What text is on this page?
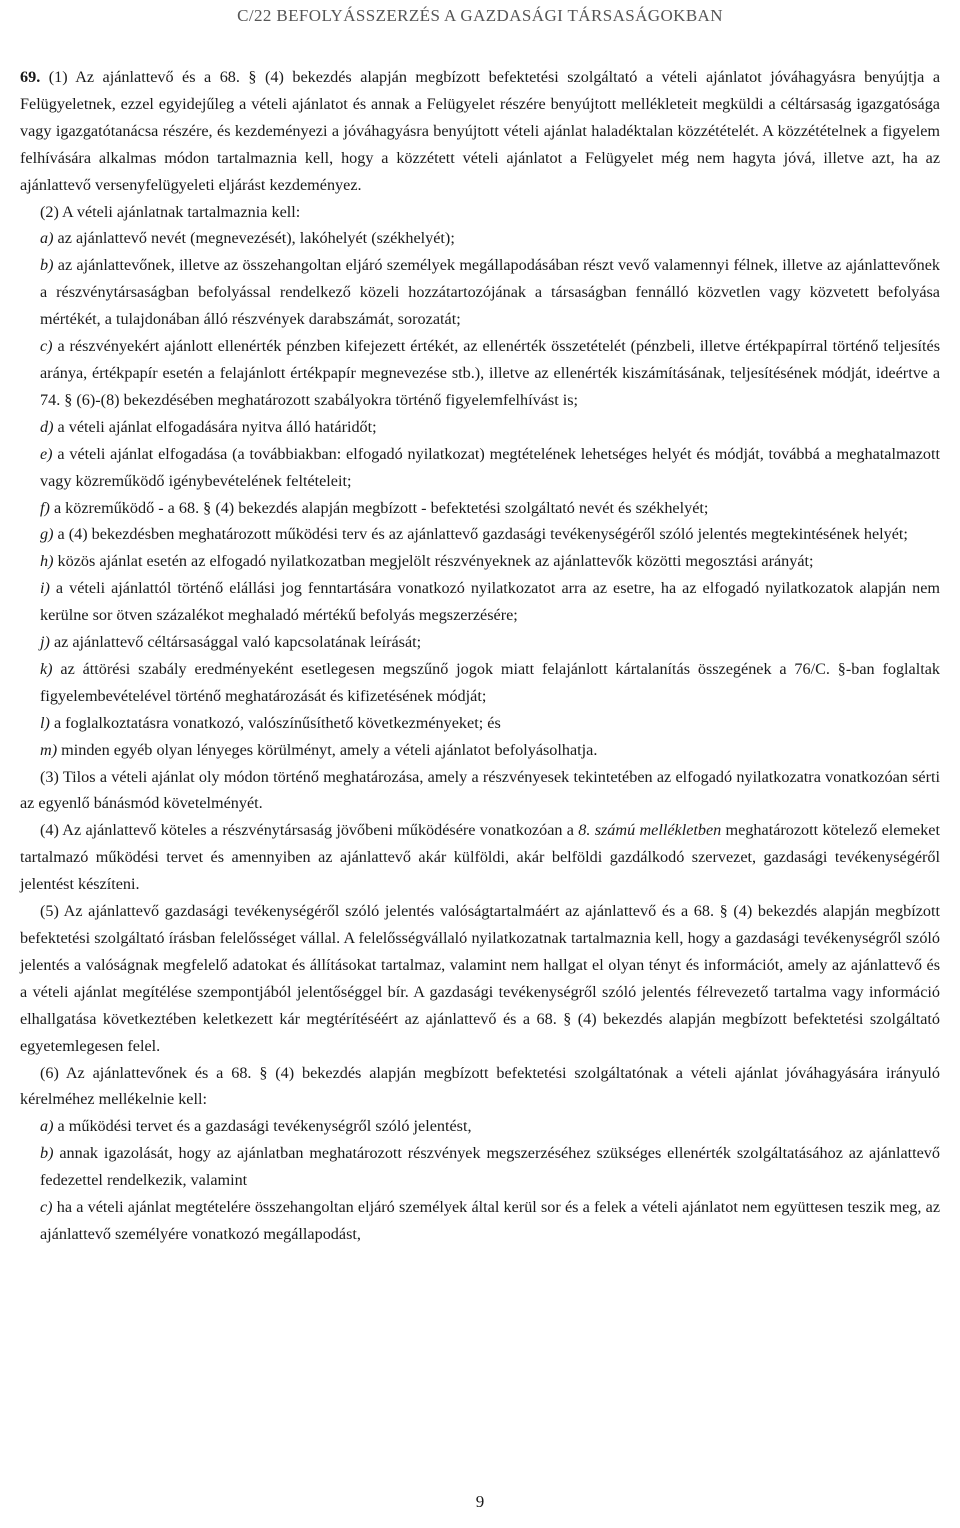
C/22 BEFOLYÁSSZERZÉS A GAZDASÁGI TÁRSASÁGOKBAN

69. (1) Az ajánlattevő és a 68. § (4) bekezdés alapján megbízott befektetési szolgáltató a vételi ajánlatot jóváhagyásra benyújtja a Felügyeletnek, ezzel egyidejűleg a vételi ajánlatot és annak a Felügyelet részére benyújtott mellékleteit megküldi a céltársaság igazgatósága vagy igazgatótanácsa részére, és kezdeményezi a jóváhagyásra benyújtott vételi ajánlat haladéktalan közzétételét. A közzétételnek a figyelem felhívására alkalmas módon tartalmaznia kell, hogy a közzétett vételi ajánlatot a Felügyelet még nem hagyta jóvá, illetve azt, ha az ajánlattevő versenyfelügyeleti eljárást kezdeményez.

(2) A vételi ajánlatnak tartalmaznia kell:

a) az ajánlattevő nevét (megnevezését), lakóhelyét (székhelyét);

b) az ajánlattevőnek, illetve az összehangoltan eljáró személyek megállapodásában részt vevő valamennyi félnek, illetve az ajánlattevőnek a részvénytársaságban befolyással rendelkező közeli hozzátartozójának a társaságban fennálló közvetlen vagy közvetett befolyása mértékét, a tulajdonában álló részvények darabszámát, sorozatát;

c) a részvényekért ajánlott ellenérték pénzben kifejezett értékét, az ellenérték összetételét (pénzbeli, illetve értékpapírral történő teljesítés aránya, értékpapír esetén a felajánlott értékpapír megnevezése stb.), illetve az ellenérték kiszámításának, teljesítésének módját, ideértve a 74. § (6)-(8) bekezdésében meghatározott szabályokra történő figyelemfelhívást is;

d) a vételi ajánlat elfogadására nyitva álló határidőt;

e) a vételi ajánlat elfogadása (a továbbiakban: elfogadó nyilatkozat) megtételének lehetséges helyét és módját, továbbá a meghatalmazott vagy közreműködő igénybevételének feltételeit;

f) a közreműködő - a 68. § (4) bekezdés alapján megbízott - befektetési szolgáltató nevét és székhelyét;

g) a (4) bekezdésben meghatározott működési terv és az ajánlattevő gazdasági tevékenységéről szóló jelentés megtekintésének helyét;

h) közös ajánlat esetén az elfogadó nyilatkozatban megjelölt részvényeknek az ajánlattevők közötti megosztási arányát;

i) a vételi ajánlattól történő elállási jog fenntartására vonatkozó nyilatkozatot arra az esetre, ha az elfogadó nyilatkozatok alapján nem kerülne sor ötven százalékot meghaladó mértékű befolyás megszerzésére;

j) az ajánlattevő céltársasággal való kapcsolatának leírását;

k) az áttörési szabály eredményeként esetlegesen megszűnő jogok miatt felajánlott kártalanítás összegének a 76/C. §-ban foglaltak figyelembevételével történő meghatározását és kifizetésének módját;

l) a foglalkoztatásra vonatkozó, valószínűsíthető következményeket; és

m) minden egyéb olyan lényeges körülményt, amely a vételi ajánlatot befolyásolhatja.

(3) Tilos a vételi ajánlat oly módon történő meghatározása, amely a részvényesek tekintetében az elfogadó nyilatkozatra vonatkozóan sérti az egyenlő bánásmód követelményét.

(4) Az ajánlattevő köteles a részvénytársaság jövőbeni működésére vonatkozóan a 8. számú mellékletben meghatározott kötelező elemeket tartalmazó működési tervet és amennyiben az ajánlattevő akár külföldi, akár belföldi gazdálkodó szervezet, gazdasági tevékenységéről jelentést készíteni.

(5) Az ajánlattevő gazdasági tevékenységéről szóló jelentés valóságtartalmáért az ajánlattevő és a 68. § (4) bekezdés alapján megbízott befektetési szolgáltató írásban felelősséget vállal. A felelősségvállaló nyilatkozatnak tartalmaznia kell, hogy a gazdasági tevékenységről szóló jelentés a valóságnak megfelelő adatokat és állításokat tartalmaz, valamint nem hallgat el olyan tényt és információt, amely az ajánlattevő és a vételi ajánlat megítélése szempontjából jelentőséggel bír. A gazdasági tevékenységről szóló jelentés félrevezető tartalma vagy információ elhallgatása következtében keletkezett kár megtérítéséért az ajánlattevő és a 68. § (4) bekezdés alapján megbízott befektetési szolgáltató egyetemlegesen felel.

(6) Az ajánlattevőnek és a 68. § (4) bekezdés alapján megbízott befektetési szolgáltatónak a vételi ajánlat jóváhagyására irányuló kérelméhez mellékelnie kell:

a) a működési tervet és a gazdasági tevékenységről szóló jelentést,

b) annak igazolását, hogy az ajánlatban meghatározott részvények megszerzéséhez szükséges ellenérték szolgáltatásához az ajánlattevő fedezettel rendelkezik, valamint

c) ha a vételi ajánlat megtételére összehangoltan eljáró személyek által kerül sor és a felek a vételi ajánlatot nem együttesen teszik meg, az ajánlattevő személyére vonatkozó megállapodást,

9
